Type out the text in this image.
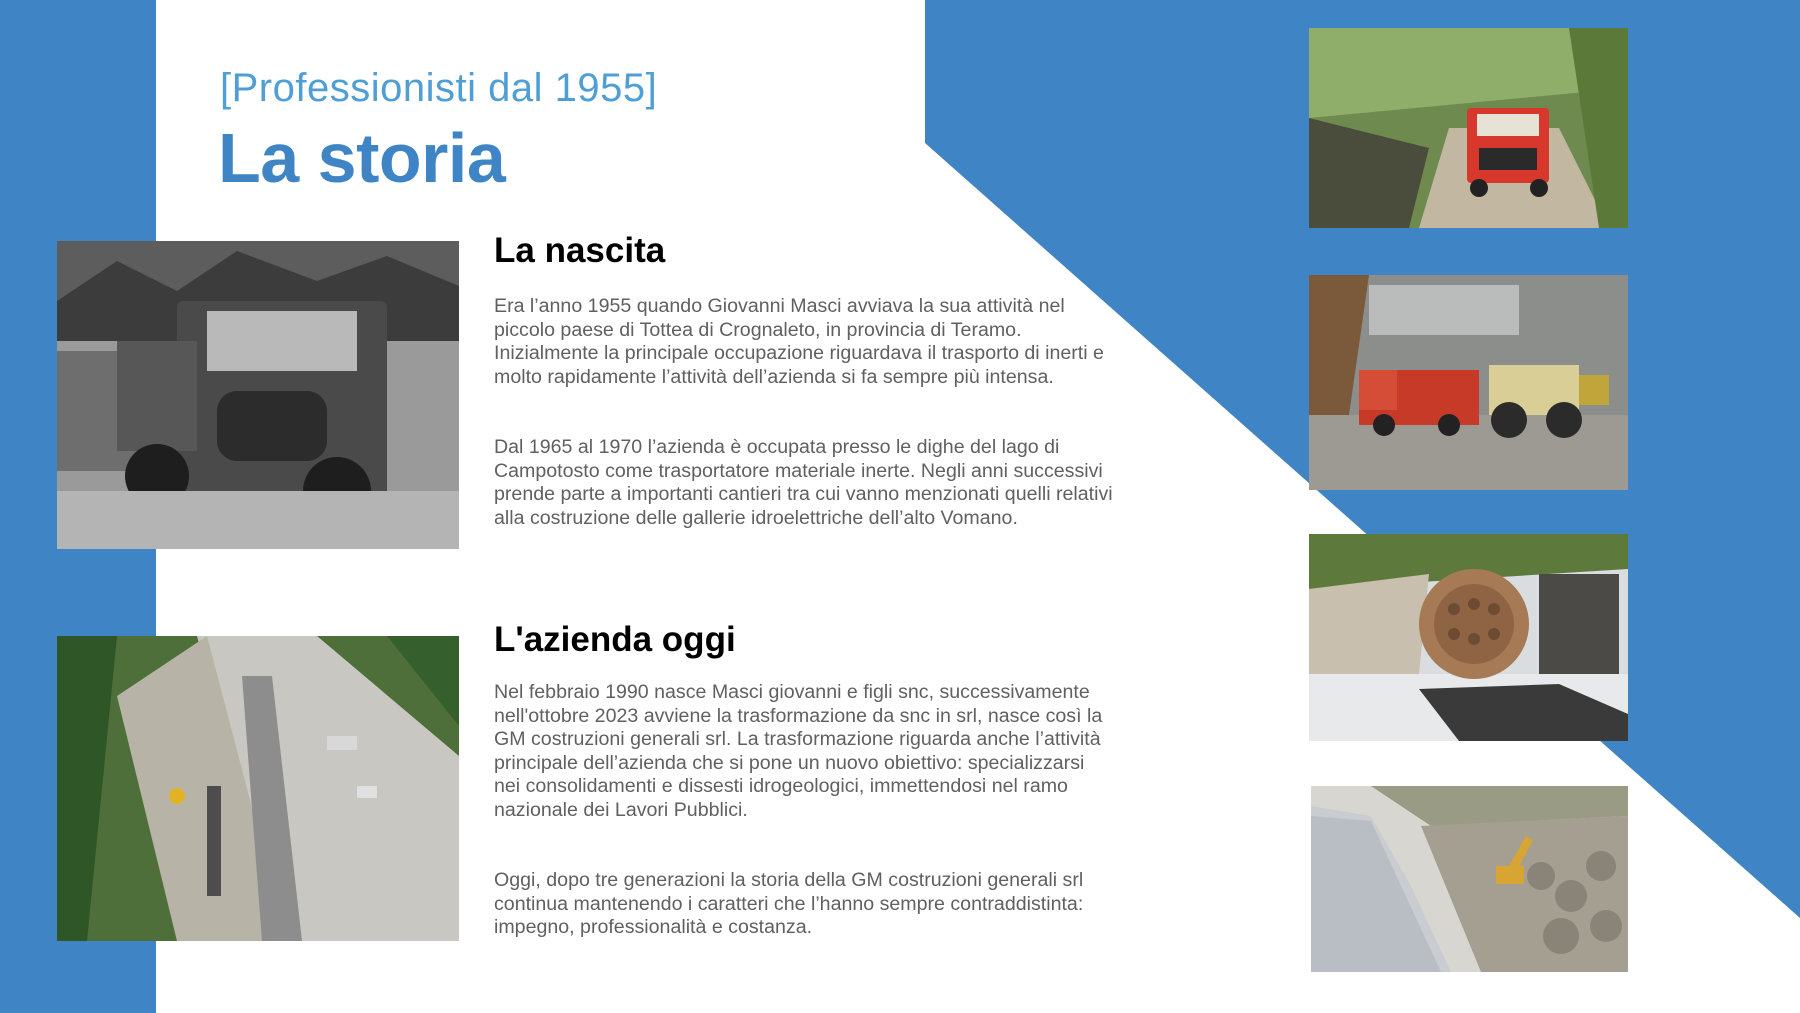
[Professionisti dal 1955]
La storia
La nascita
Era l’anno 1955 quando Giovanni Masci avviava la sua attività nel piccolo paese di Tottea di Crognaleto, in provincia di Teramo. Inizialmente la principale occupazione riguardava il trasporto di inerti e molto rapidamente l’attività dell’azienda si fa sempre più intensa.
Dal 1965 al 1970 l’azienda è occupata presso le dighe del lago di Campotosto come trasportatore materiale inerte. Negli anni successivi prende parte a importanti cantieri tra cui vanno menzionati quelli relativi alla costruzione delle gallerie idroelettriche dell’alto Vomano.
L'azienda oggi
Nel febbraio 1990 nasce Masci giovanni e figli snc, successivamente nell'ottobre 2023 avviene la trasformazione da snc in srl, nasce così la GM costruzioni generali srl. La trasformazione riguarda anche l’attività principale dell’azienda che si pone un nuovo obiettivo: specializzarsi nei consolidamenti e dissesti idrogeologici, immettendosi nel ramo nazionale dei Lavori Pubblici.
Oggi, dopo tre generazioni la storia della GM costruzioni generali srl continua mantenendo i caratteri che l’hanno sempre contraddistinta: impegno, professionalità e costanza.
